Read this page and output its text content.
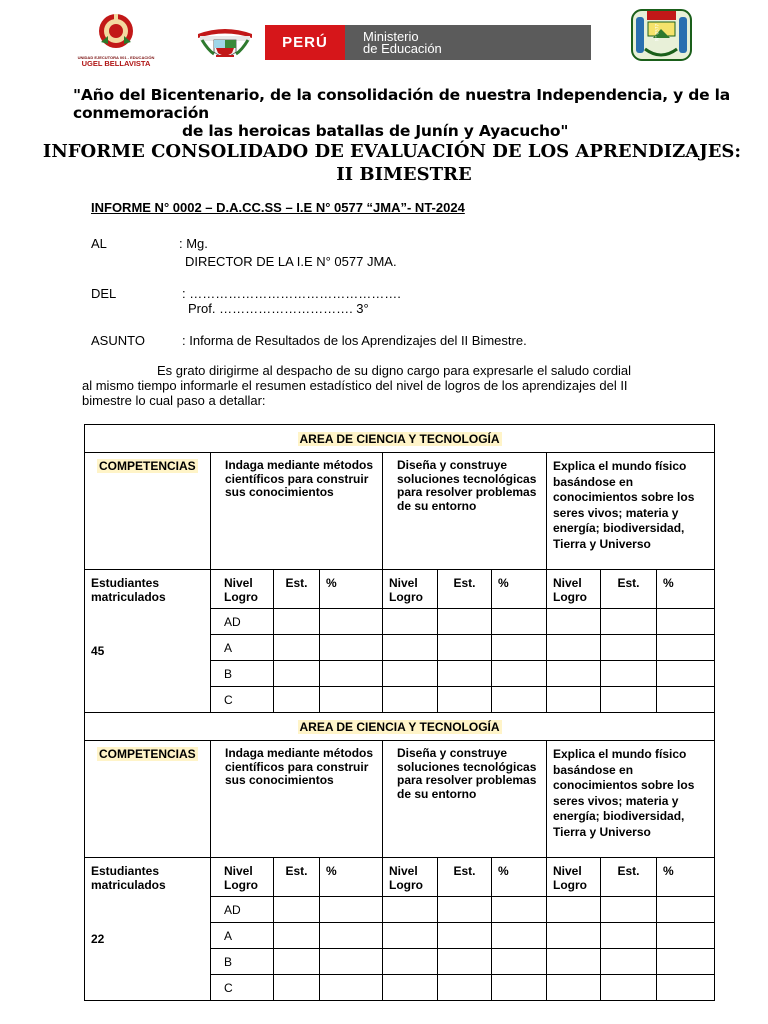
UNIDAD EJECUTORA 001 - EDUCACIÓN
UGEL BELLAVISTA
PERÚ	Ministerio
de Educación
N° 0577
"Año del Bicentenario, de la consolidación de nuestra Independencia, y de la
conmemoración
de las heroicas batallas de Junín y Ayacucho"
INFORME CONSOLIDADO DE EVALUACIÓN DE LOS APRENDIZAJES:
II BIMESTRE
INFORME N° 0002 – D.A.CC.SS – I.E N° 0577 “JMA”- NT-2024
AL	: Mg.
DIRECTOR DE LA I.E N° 0577 JMA.
DEL	: ………………………………………….
Prof. …………………………. 3°
ASUNTO	: Informa de Resultados de los Aprendizajes del II Bimestre.
Es grato dirigirme al despacho de su digno cargo para expresarle el saludo cordial
al mismo tiempo informarle el resumen estadístico del nivel de logros de los aprendizajes del II
bimestre lo cual paso a detallar:
AREA DE CIENCIA Y TECNOLOGÍA									
COMPETENCIAS	Indaga mediante métodos científicos para construir sus conocimientos			Diseña y construye soluciones tecnológicas para resolver problemas de su entorno			Explica el mundo físico basándose en conocimientos sobre los seres vivos; materia y energía; biodiversidad, Tierra y Universo		

Estudiantes matriculados
45	Nivel Logro	Est.	%	Nivel Logro	Est.	%	Nivel Logro	Est.	%

	AD								
	A								
	B								
	C								
AREA DE CIENCIA Y TECNOLOGÍA									
COMPETENCIAS	Indaga mediante métodos científicos para construir sus conocimientos			Diseña y construye soluciones tecnológicas para resolver problemas de su entorno			Explica el mundo físico basándose en conocimientos sobre los seres vivos; materia y energía; biodiversidad, Tierra y Universo		

Estudiantes matriculados
22	Nivel Logro	Est.	%	Nivel Logro	Est.	%	Nivel Logro	Est.	%

	AD								
	A								
	B								
	C								
